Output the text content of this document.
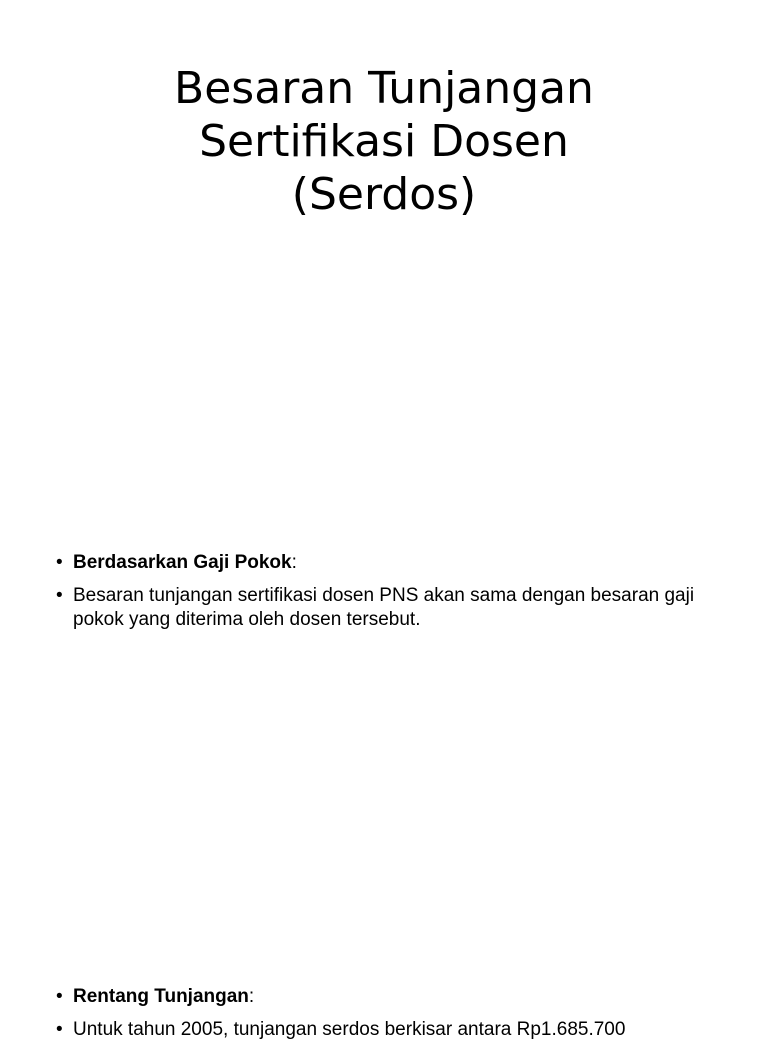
Besaran Tunjangan
Sertifikasi Dosen
(Serdos)
• Berdasarkan Gaji Pokok:
• Besaran tunjangan sertifikasi dosen PNS akan sama dengan besaran gaji pokok yang diterima oleh dosen tersebut.
• Rentang Tunjangan:
• Untuk tahun 2005, tunjangan serdos berkisar antara Rp1.685.700
